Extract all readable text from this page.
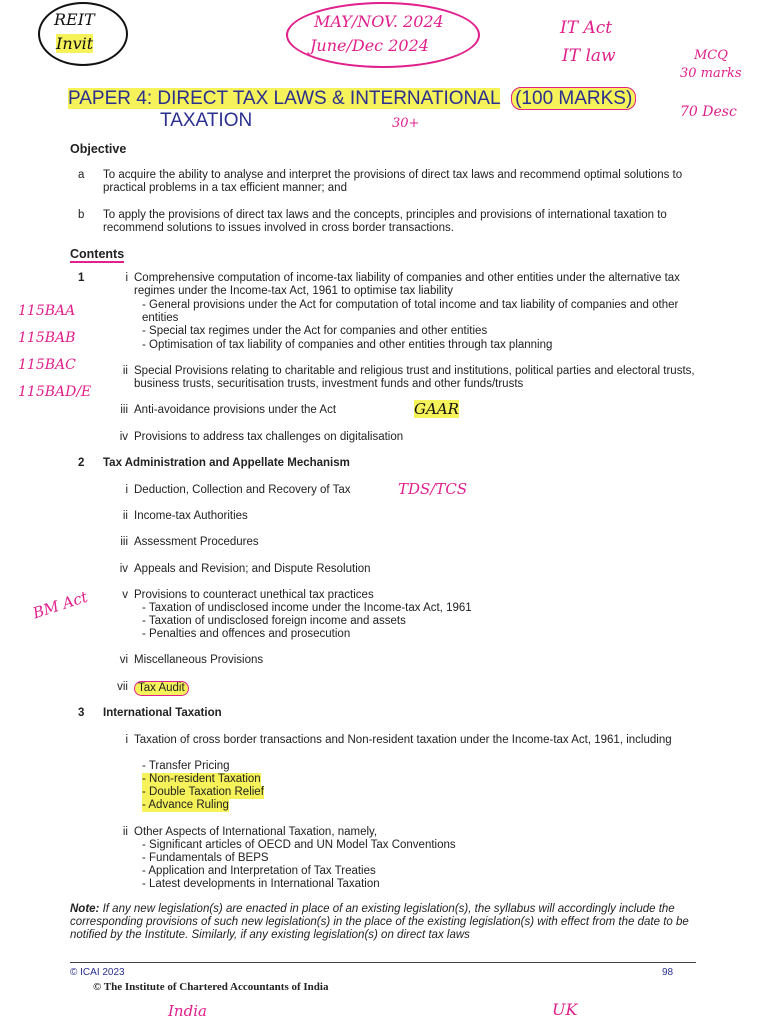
REIT
Invit
MAY/NOV. 2024
June/Dec 2024
IT Act
IT law	MCQ
30 marks
70 Desc
30+
115BAA
115BAB
115BAC
115BAD/E
GAAR
TDS/TCS
BM Act
India	UK
PAPER 4: DIRECT TAX LAWS & INTERNATIONAL (100 MARKS)
TAXATION
Objective
a To acquire the ability to analyse and interpret the provisions of direct tax laws and recommend optimal solutions to practical problems in a tax efficient manner; and
b To apply the provisions of direct tax laws and the concepts, principles and provisions of international taxation to recommend solutions to issues involved in cross border transactions.
Contents
1	i Comprehensive computation of income-tax liability of companies and other entities under the alternative tax regimes under the Income-tax Act, 1961 to optimise tax liability
- General provisions under the Act for computation of total income and tax liability of companies and other entities
- Special tax regimes under the Act for companies and other entities
- Optimisation of tax liability of companies and other entities through tax planning
ii Special Provisions relating to charitable and religious trust and institutions, political parties and electoral trusts, business trusts, securitisation trusts, investment funds and other funds/trusts
iii Anti-avoidance provisions under the Act
iv Provisions to address tax challenges on digitalisation
2 Tax Administration and Appellate Mechanism
i Deduction, Collection and Recovery of Tax
ii Income-tax Authorities
iii Assessment Procedures
iv Appeals and Revision; and Dispute Resolution
v Provisions to counteract unethical tax practices
- Taxation of undisclosed income under the Income-tax Act, 1961
- Taxation of undisclosed foreign income and assets
- Penalties and offences and prosecution
vi Miscellaneous Provisions
vii Tax Audit
3 International Taxation
i Taxation of cross border transactions and Non-resident taxation under the Income-tax Act, 1961, including
- Transfer Pricing
- Non-resident Taxation
- Double Taxation Relief
- Advance Ruling
ii Other Aspects of International Taxation, namely,
- Significant articles of OECD and UN Model Tax Conventions
- Fundamentals of BEPS
- Application and Interpretation of Tax Treaties
- Latest developments in International Taxation
Note: If any new legislation(s) are enacted in place of an existing legislation(s), the syllabus will accordingly include the corresponding provisions of such new legislation(s) in the place of the existing legislation(s) with effect from the date to be notified by the Institute. Similarly, if any existing legislation(s) on direct tax laws
© ICAI 2023	98
© The Institute of Chartered Accountants of India
